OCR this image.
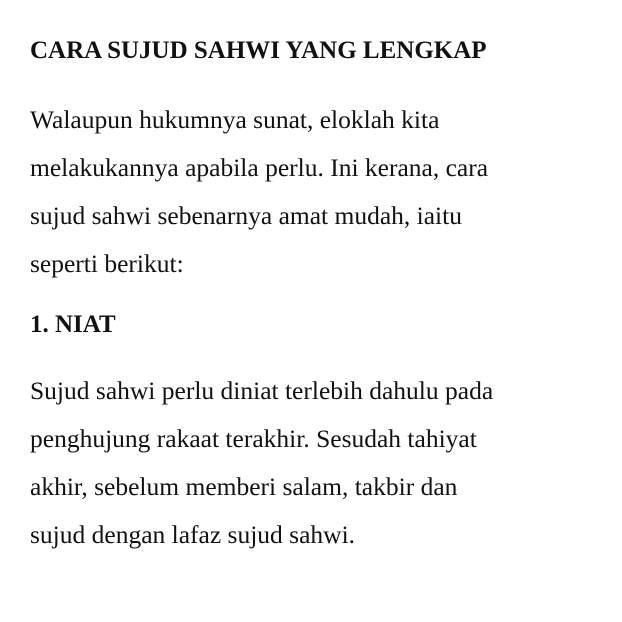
CARA SUJUD SAHWI YANG LENGKAP

Walaupun hukumnya sunat, eloklah kita
melakukannya apabila perlu. Ini kerana, cara
sujud sahwi sebenarnya amat mudah, iaitu
seperti berikut:

1. NIAT

Sujud sahwi perlu diniat terlebih dahulu pada
penghujung rakaat terakhir. Sesudah tahiyat
akhir, sebelum memberi salam, takbir dan
sujud dengan lafaz sujud sahwi.
